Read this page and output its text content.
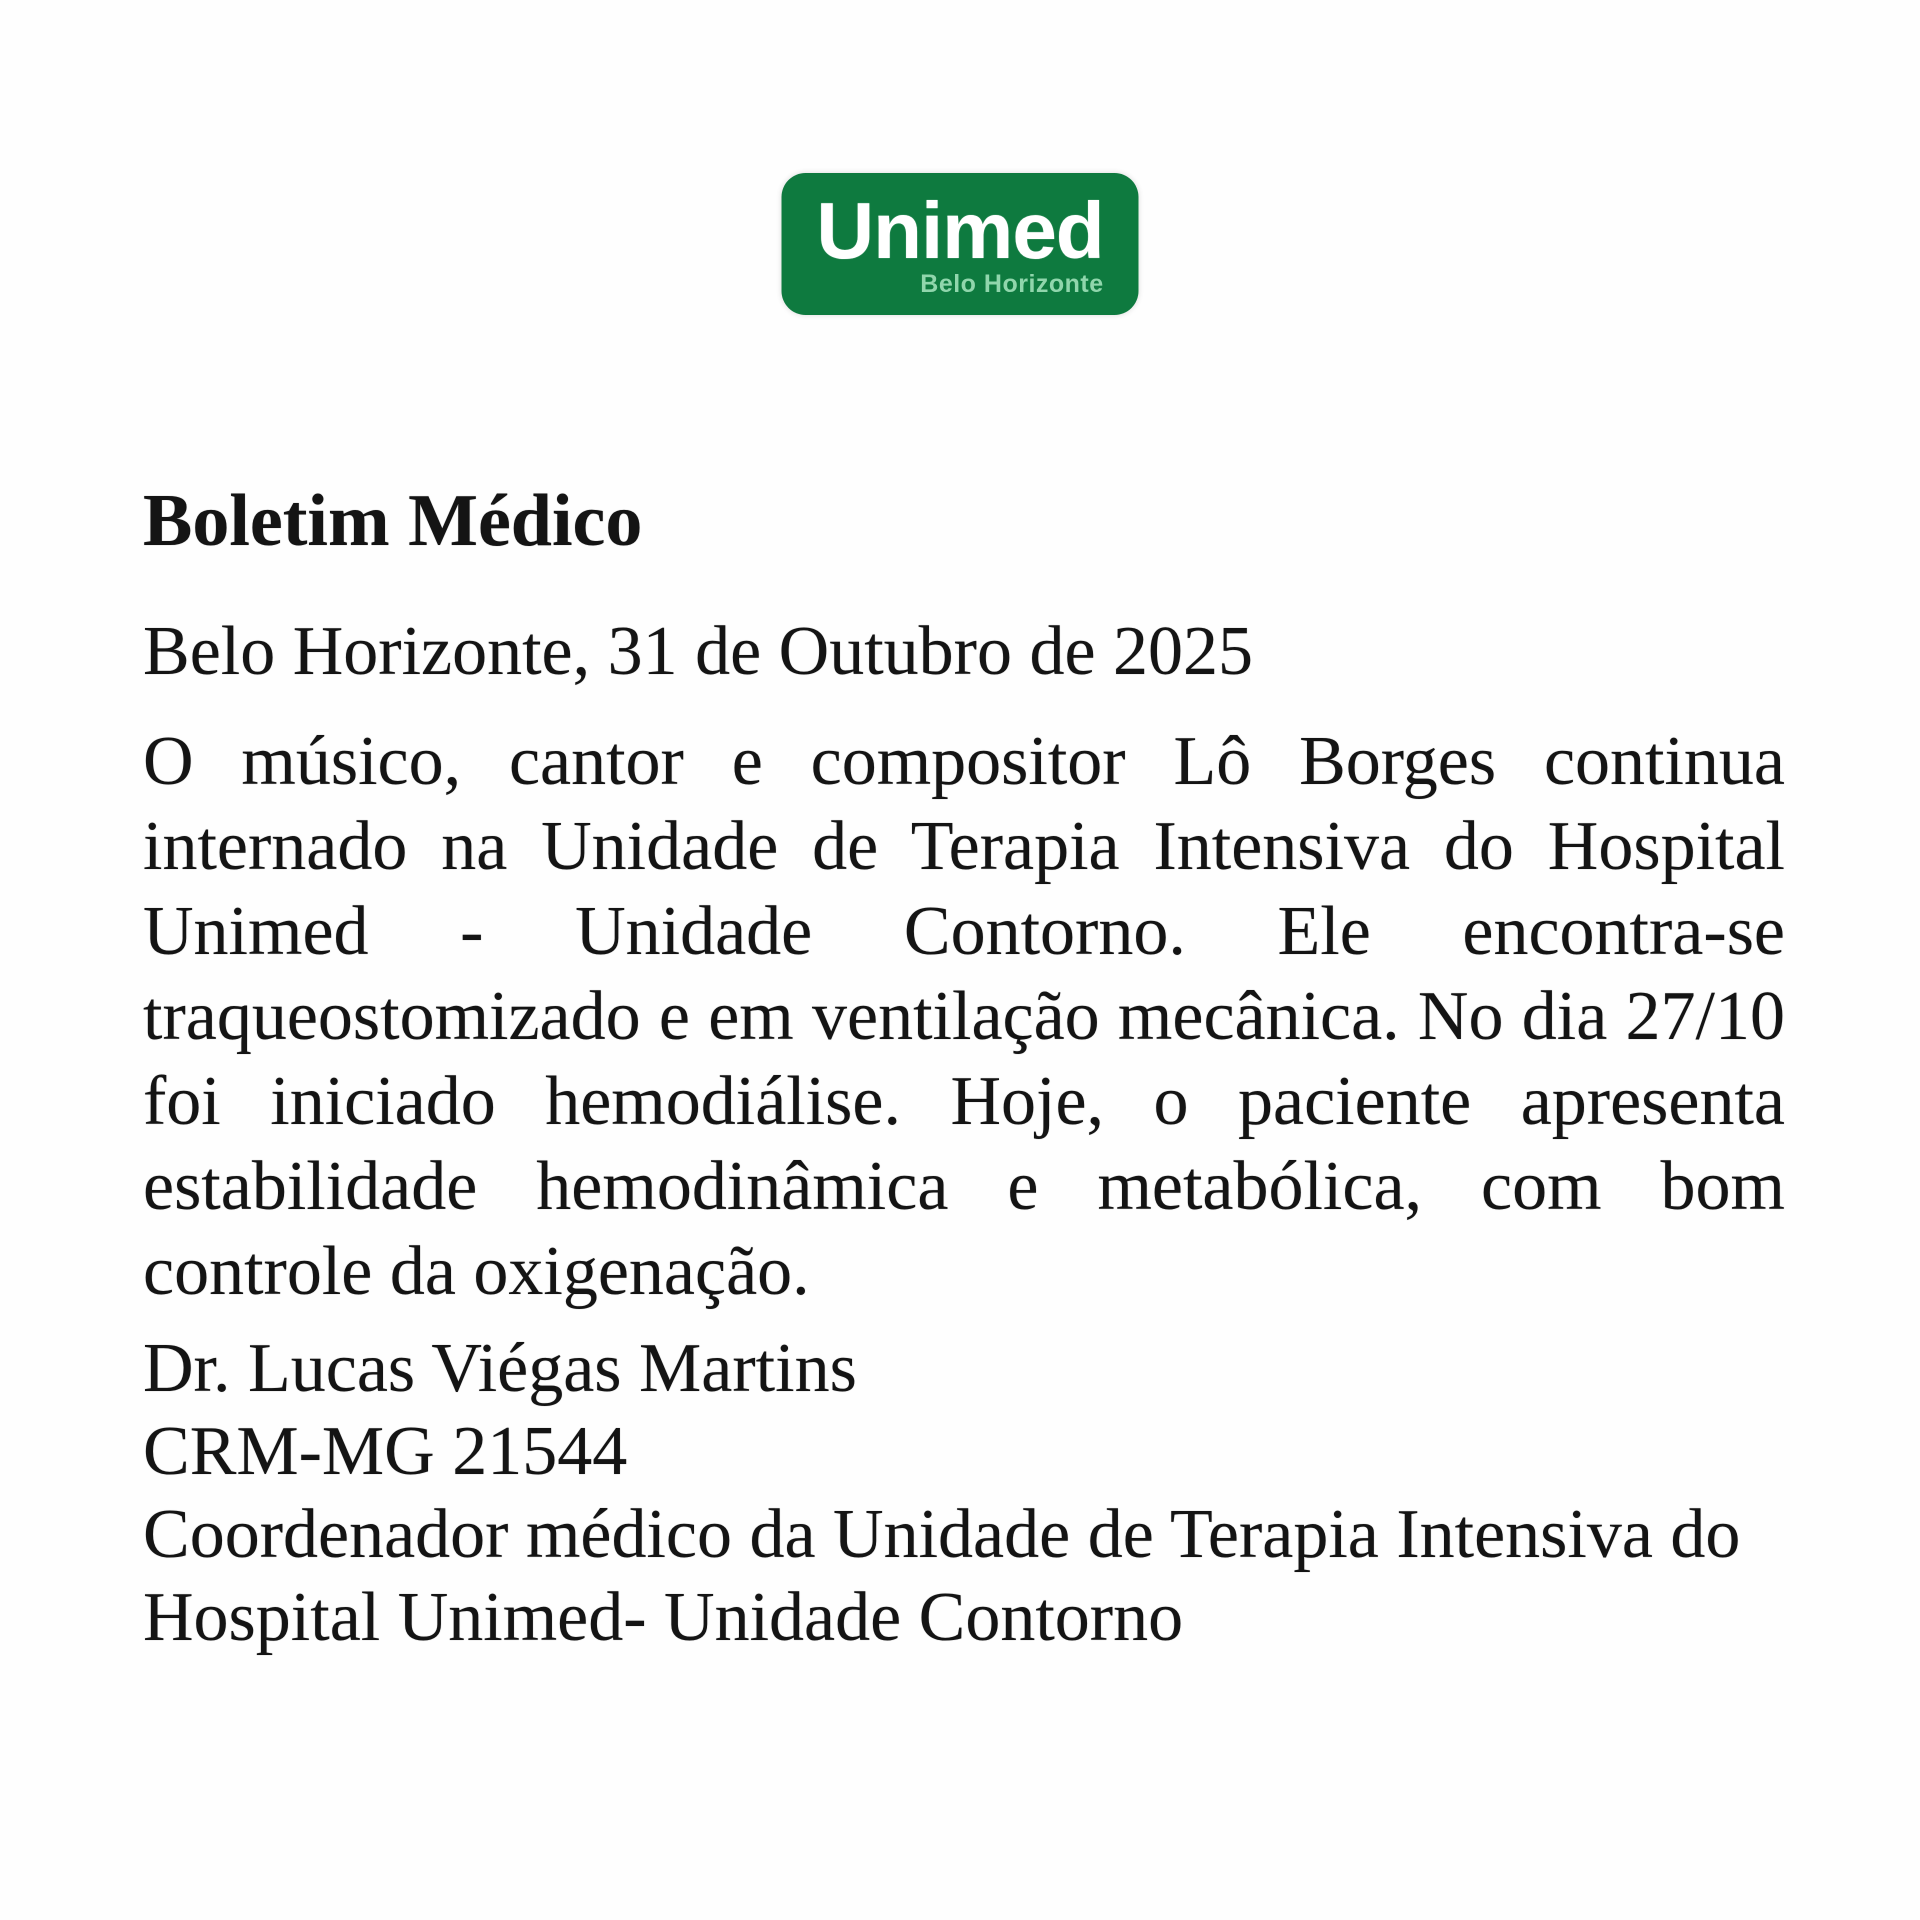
Unimed
Belo Horizonte
Boletim Médico
Belo Horizonte, 31 de Outubro de 2025
O músico, cantor e compositor Lô Borges continua
internado na Unidade de Terapia Intensiva do Hospital
Unimed - Unidade Contorno. Ele encontra-se
traqueostomizado e em ventilação mecânica. No dia 27/10
foi iniciado hemodiálise. Hoje, o paciente apresenta
estabilidade hemodinâmica e metabólica, com bom
controle da oxigenação.
Dr. Lucas Viégas Martins
CRM-MG 21544
Coordenador médico da Unidade de Terapia Intensiva do
Hospital Unimed- Unidade Contorno
